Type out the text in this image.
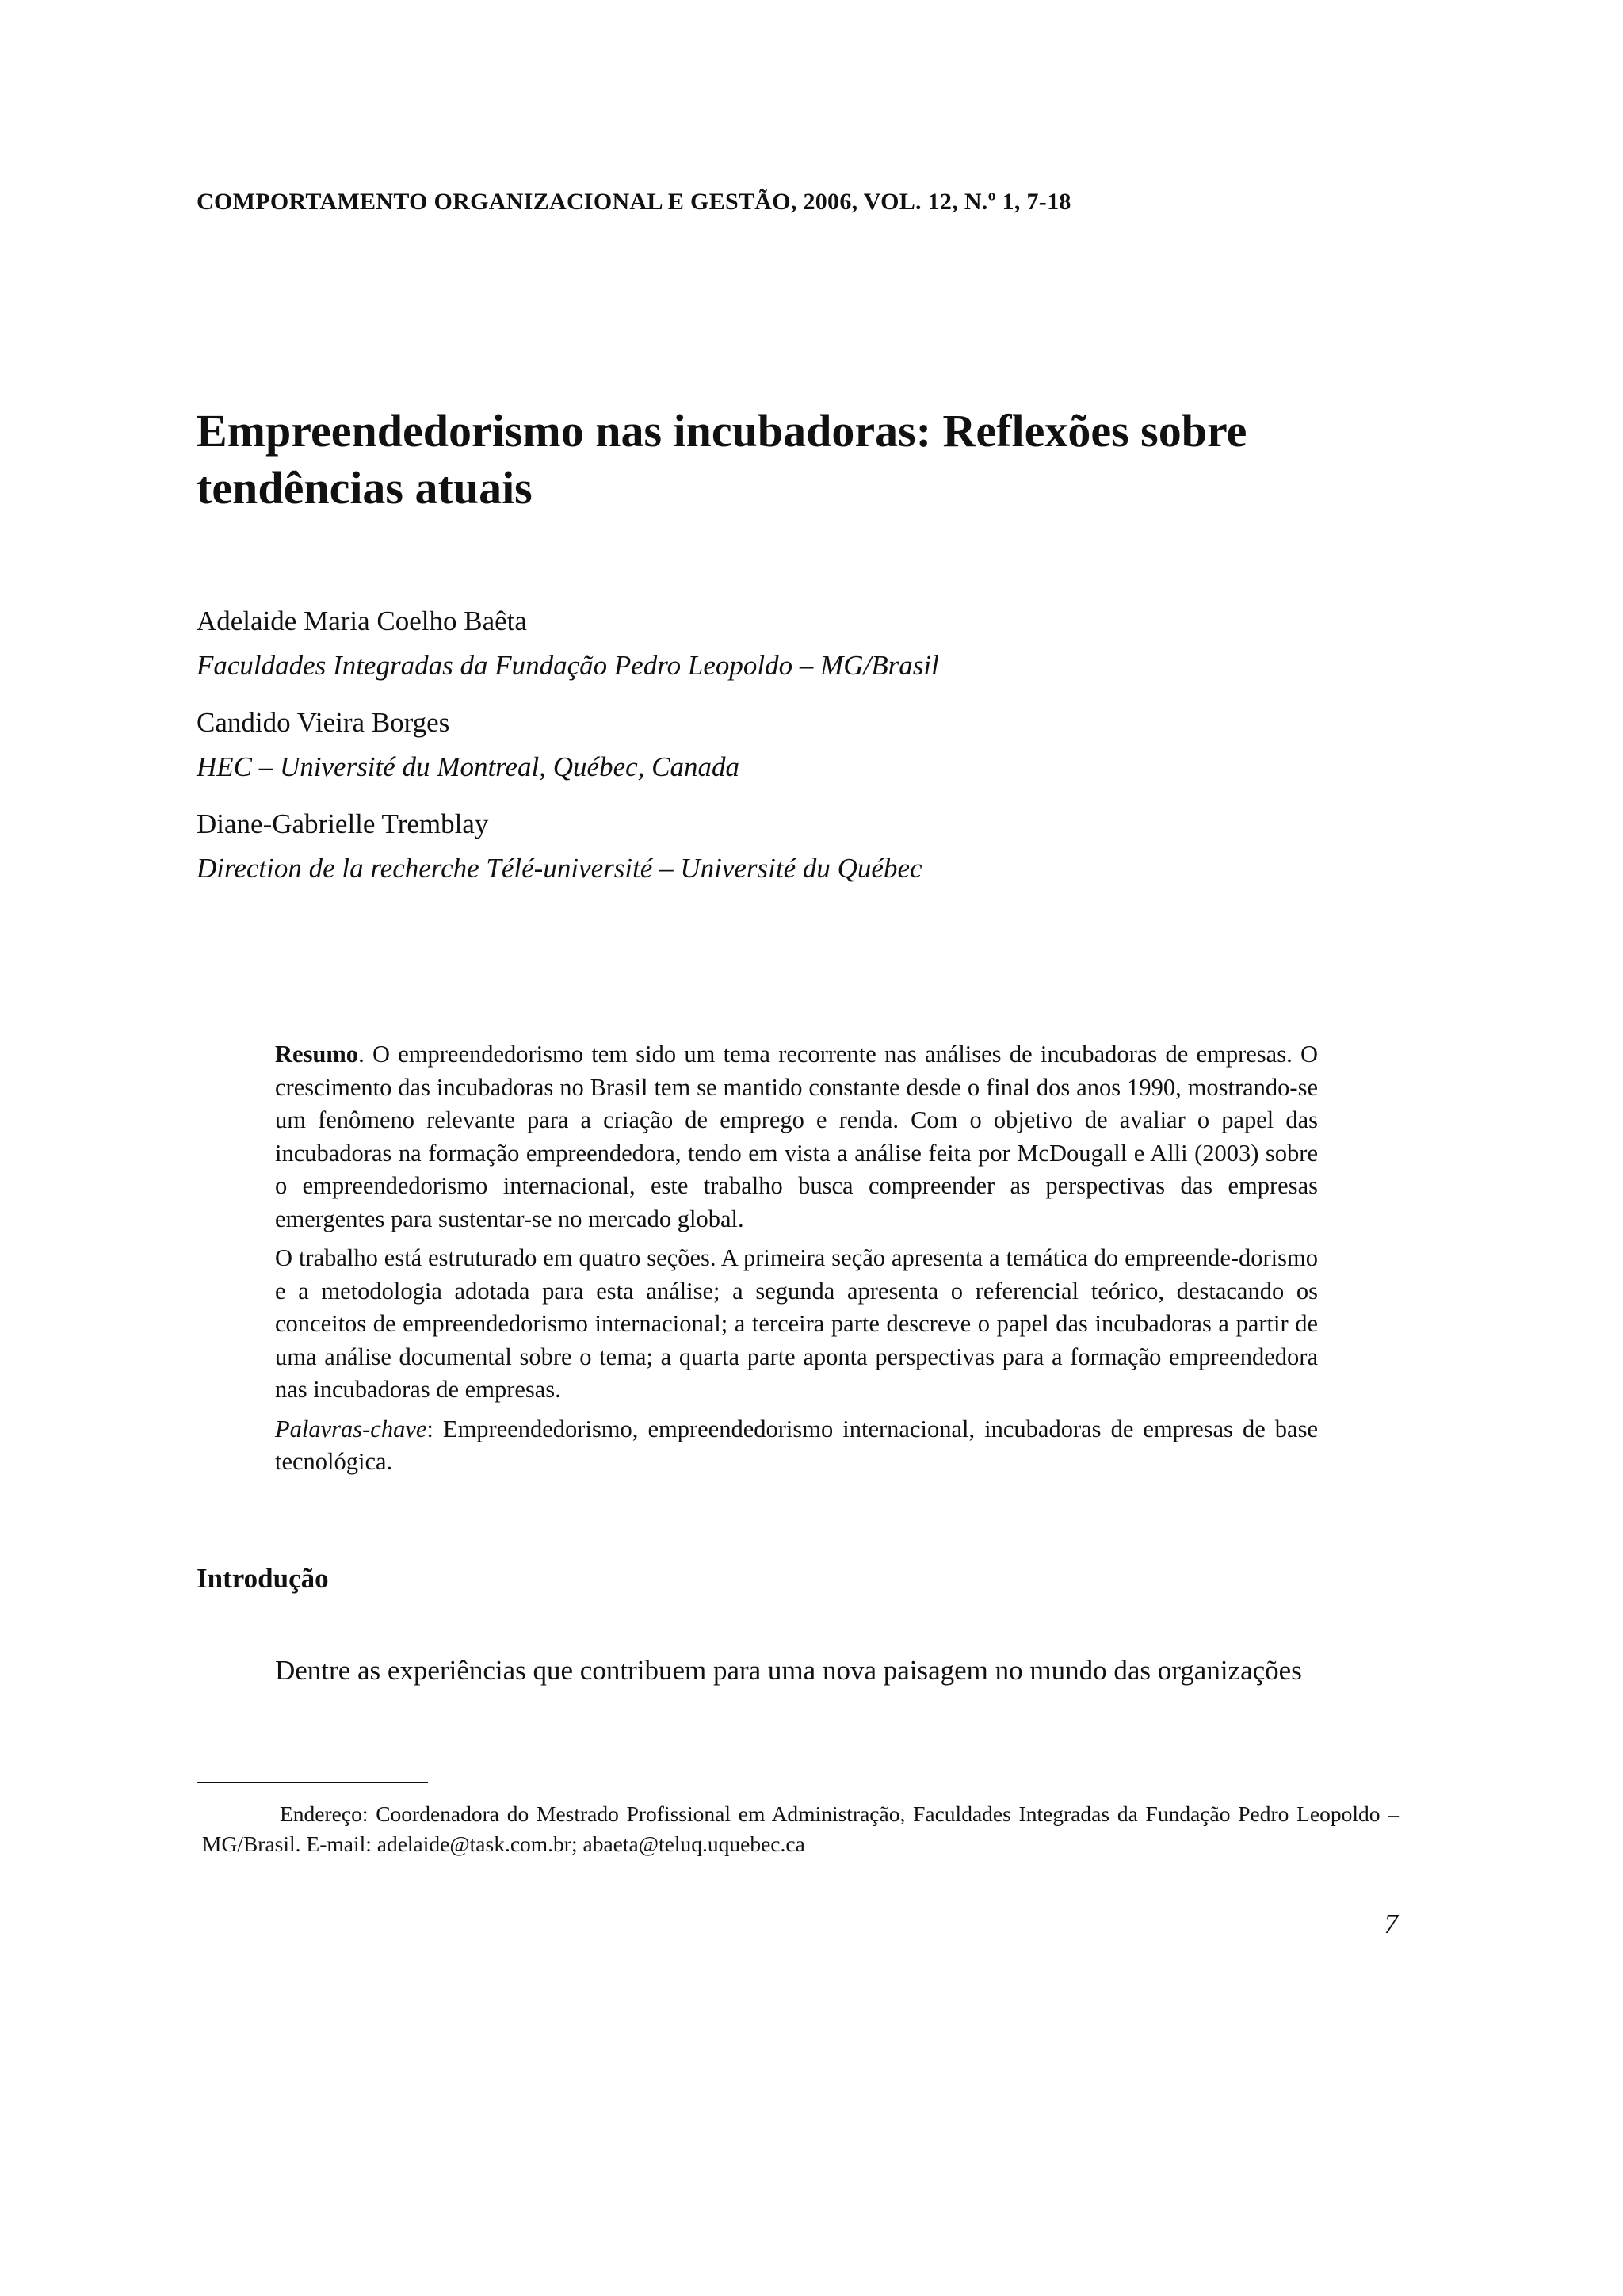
COMPORTAMENTO ORGANIZACIONAL E GESTÃO, 2006, VOL. 12, N.º 1, 7-18
Empreendedorismo nas incubadoras: Reflexões sobre
tendências atuais
Adelaide Maria Coelho Baêta
Faculdades Integradas da Fundação Pedro Leopoldo – MG/Brasil
Candido Vieira Borges
HEC – Université du Montreal, Québec, Canada
Diane-Gabrielle Tremblay
Direction de la recherche Télé-université – Université du Québec

Resumo. O empreendedorismo tem sido um tema recorrente nas análises de incubadoras de empresas. O crescimento das incubadoras no Brasil tem se mantido constante desde o final dos anos 1990, mostrando-se um fenômeno relevante para a criação de emprego e renda. Com o objetivo de avaliar o papel das incubadoras na formação empreendedora, tendo em vista a análise feita por McDougall e Alli (2003) sobre o empreendedorismo internacional, este trabalho busca compreender as perspectivas das empresas emergentes para sustentar-se no mercado global.

O trabalho está estruturado em quatro seções. A primeira seção apresenta a temática do empreende-dorismo e a metodologia adotada para esta análise; a segunda apresenta o referencial teórico, destacando os conceitos de empreendedorismo internacional; a terceira parte descreve o papel das incubadoras a partir de uma análise documental sobre o tema; a quarta parte aponta perspectivas para a formação empreendedora nas incubadoras de empresas.

Palavras-chave: Empreendedorismo, empreendedorismo internacional, incubadoras de empresas de base tecnológica.

Introdução

Dentre as experiências que contribuem para uma nova paisagem no mundo das organizações

Endereço: Coordenadora do Mestrado Profissional em Administração, Faculdades Integradas da Fundação Pedro Leopoldo – MG/Brasil. E-mail: adelaide@task.com.br; abaeta@teluq.uquebec.ca

7
